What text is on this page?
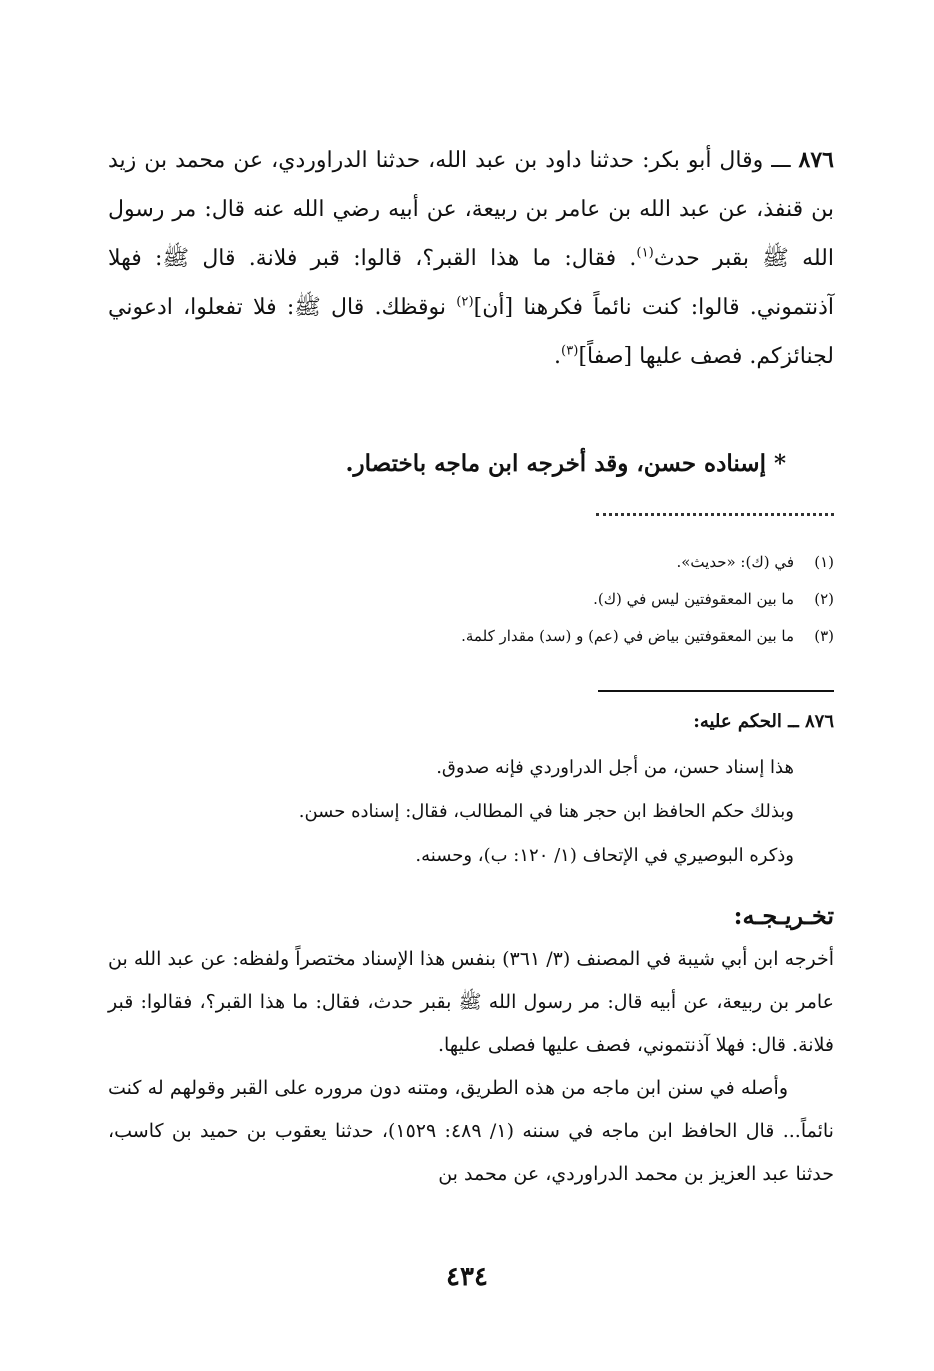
٨٧٦ ـــ وقال أبو بكر: حدثنا داود بن عبد الله، حدثنا الدراوردي، عن محمد بن زيد بن قنفذ، عن عبد الله بن عامر بن ربيعة، عن أبيه رضي الله عنه قال: مر رسول الله ﷺ بقبر حدث$^{(١)}$. فقال: ما هذا القبر؟، قالوا: قبر فلانة. قال ﷺ: فهلا آذنتموني. قالوا: كنت نائماً فكرهنا [أن]$^{(٢)}$ نوقظك. قال ﷺ: فلا تفعلوا، ادعوني لجنائزكم. فصف عليها [صفاً]$^{(٣)}$.

* إسناده حسن، وقد أخرجه ابن ماجه باختصار.
(١)
في (ك): «حديث».
(٢)
ما بين المعقوفتين ليس في (ك).
(٣)
ما بين المعقوفتين بياض في (عم) و (سد) مقدار كلمة.
٨٧٦ ــ الحكم عليه:
هذا إسناد حسن، من أجل الدراوردي فإنه صدوق.
وبذلك حكم الحافظ ابن حجر هنا في المطالب، فقال: إسناده حسن.
وذكره البوصيري في الإتحاف (١/ ١٢٠: ب)، وحسنه.
تخـريـجـه:

أخرجه ابن أبي شيبة في المصنف (٣/ ٣٦١) بنفس هذا الإسناد مختصراً ولفظه: عن عبد الله بن عامر بن ربيعة، عن أبيه قال: مر رسول الله ﷺ بقبر حدث، فقال: ما هذا القبر؟، فقالوا: قبر فلانة. قال: فهلا آذنتموني، فصف عليها فصلى عليها.

وأصله في سنن ابن ماجه من هذه الطريق، ومتنه دون مروره على القبر وقولهم له كنت نائماً... قال الحافظ ابن ماجه في سننه (١/ ٤٨٩: ١٥٢٩)، حدثنا يعقوب بن حميد بن كاسب، حدثنا عبد العزيز بن محمد الدراوردي، عن محمد بن

٤٣٤
